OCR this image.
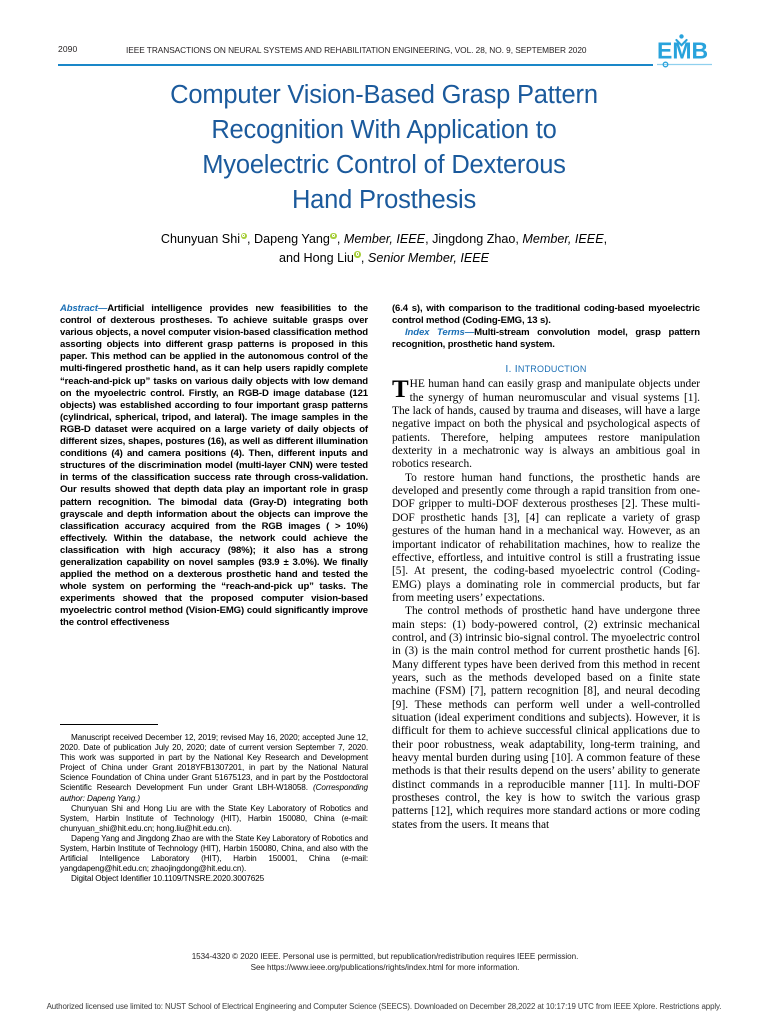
2090	IEEE TRANSACTIONS ON NEURAL SYSTEMS AND REHABILITATION ENGINEERING, VOL. 28, NO. 9, SEPTEMBER 2020	EMB
Computer Vision-Based Grasp Pattern
Recognition With Application to
Myoelectric Control of Dexterous
Hand Prosthesis
Chunyuan Shi , Dapeng Yang , Member, IEEE, Jingdong Zhao, Member, IEEE,
and Hong Liu , Senior Member, IEEE

Abstract—Artificial intelligence provides new feasibilities to the control of dexterous prostheses. To achieve suitable grasps over various objects, a novel computer vision-based classification method assorting objects into different grasp patterns is proposed in this paper. This method can be applied in the autonomous control of the multi-fingered prosthetic hand, as it can help users rapidly complete “reach-and-pick up” tasks on various daily objects with low demand on the myoelectric control. Firstly, an RGB-D image database (121 objects) was established according to four important grasp patterns (cylindrical, spherical, tripod, and lateral). The image samples in the RGB-D dataset were acquired on a large variety of daily objects of different sizes, shapes, postures (16), as well as different illumination conditions (4) and camera positions (4). Then, different inputs and structures of the discrimination model (multi-layer CNN) were tested in terms of the classification success rate through cross-validation. Our results showed that depth data play an important role in grasp pattern recognition. The bimodal data (Gray-D) integrating both grayscale and depth information about the objects can improve the classification accuracy acquired from the RGB images ( > 10%) effectively. Within the database, the network could achieve the classification with high accuracy (98%); it also has a strong generalization capability on novel samples (93.9 ± 3.0%). We finally applied the method on a dexterous prosthetic hand and tested the whole system on performing the “reach-and-pick up” tasks. The experiments showed that the proposed computer vision-based myoelectric control method (Vision-EMG) could significantly improve the control effectiveness

(6.4 s), with comparison to the traditional coding-based myoelectric control method (Coding-EMG, 13 s).

Index Terms—Multi-stream convolution model, grasp pattern recognition, prosthetic hand system.

I. INTRODUCTION

THE human hand can easily grasp and manipulate objects under the synergy of human neuromuscular and visual systems [1]. The lack of hands, caused by trauma and diseases, will have a large negative impact on both the physical and psychological aspects of patients. Therefore, helping amputees restore manipulation dexterity in a mechatronic way is always an ambitious goal in robotics research.

To restore human hand functions, the prosthetic hands are developed and presently come through a rapid transition from one-DOF gripper to multi-DOF dexterous prostheses [2]. These multi-DOF prosthetic hands [3], [4] can replicate a variety of grasp gestures of the human hand in a mechanical way. However, as an important indicator of rehabilitation machines, how to realize the effective, effortless, and intuitive control is still a frustrating issue [5]. At present, the coding-based myoelectric control (Coding-EMG) plays a dominating role in commercial products, but far from meeting users’ expectations.

The control methods of prosthetic hand have undergone three main steps: (1) body-powered control, (2) extrinsic mechanical control, and (3) intrinsic bio-signal control. The myoelectric control in (3) is the main control method for current prosthetic hands [6]. Many different types have been derived from this method in recent years, such as the methods developed based on a finite state machine (FSM) [7], pattern recognition [8], and neural decoding [9]. These methods can perform well under a well-controlled situation (ideal experiment conditions and subjects). However, it is difficult for them to achieve successful clinical applications due to their poor robustness, weak adaptability, long-term training, and heavy mental burden during using [10]. A common feature of these methods is that their results depend on the users’ ability to generate distinct commands in a reproducible manner [11]. In multi-DOF prostheses control, the key is how to switch the various grasp patterns [12], which requires more standard actions or more coding states from the users. It means that

Manuscript received December 12, 2019; revised May 16, 2020; accepted June 12, 2020. Date of publication July 20, 2020; date of current version September 7, 2020. This work was supported in part by the National Key Research and Development Project of China under Grant 2018YFB1307201, in part by the National Natural Science Foundation of China under Grant 51675123, and in part by the Postdoctoral Scientific Research Development Fun under Grant LBH-W18058. (Corresponding author: Dapeng Yang.)

Chunyuan Shi and Hong Liu are with the State Key Laboratory of Robotics and System, Harbin Institute of Technology (HIT), Harbin 150080, China (e-mail: chunyuan_shi@hit.edu.cn; hong.liu@hit.edu.cn).

Dapeng Yang and Jingdong Zhao are with the State Key Laboratory of Robotics and System, Harbin Institute of Technology (HIT), Harbin 150080, China, and also with the Artificial Intelligence Laboratory (HIT), Harbin 150001, China (e-mail: yangdapeng@hit.edu.cn; zhaojingdong@hit.edu.cn).

Digital Object Identifier 10.1109/TNSRE.2020.3007625

1534-4320 © 2020 IEEE. Personal use is permitted, but republication/redistribution requires IEEE permission.
See https://www.ieee.org/publications/rights/index.html for more information.
Authorized licensed use limited to: NUST School of Electrical Engineering and Computer Science (SEECS). Downloaded on December 28,2022 at 10:17:19 UTC from IEEE Xplore. Restrictions apply.
